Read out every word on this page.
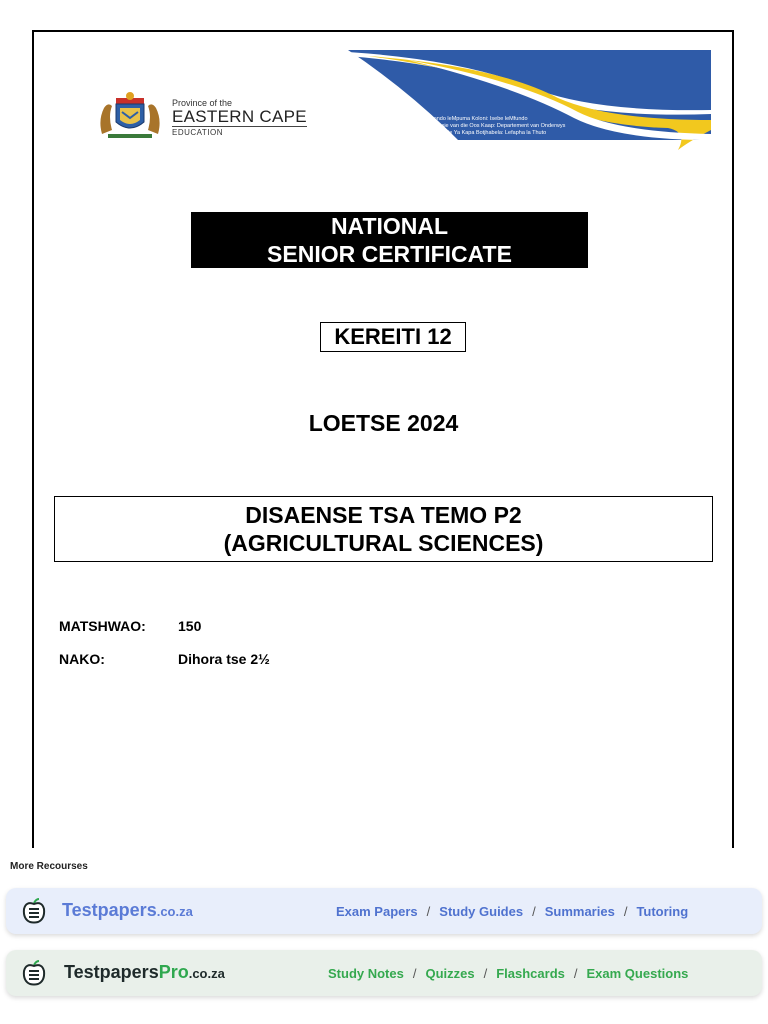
Province of the
EASTERN CAPE
EDUCATION
Iphondo leMpuma Koloni: Isebe leMfundo
Provinsie van die Oos Kaap: Departement van Onderwys
Porafensie Ya Kapa Botjhabela: Lefapha la Thuto
NATIONAL
SENIOR CERTIFICATE
KEREITI 12
LOETSE 2024
DISAENSE TSA TEMO P2
(AGRICULTURAL SCIENCES)
MATSHWAO: 150
NAKO:	Dihora tse 2½
More Recourses
Testpapers.co.za	Exam Papers / Study Guides / Summaries / Tutoring
TestpapersPro.co.za	Study Notes / Quizzes / Flashcards / Exam Questions
